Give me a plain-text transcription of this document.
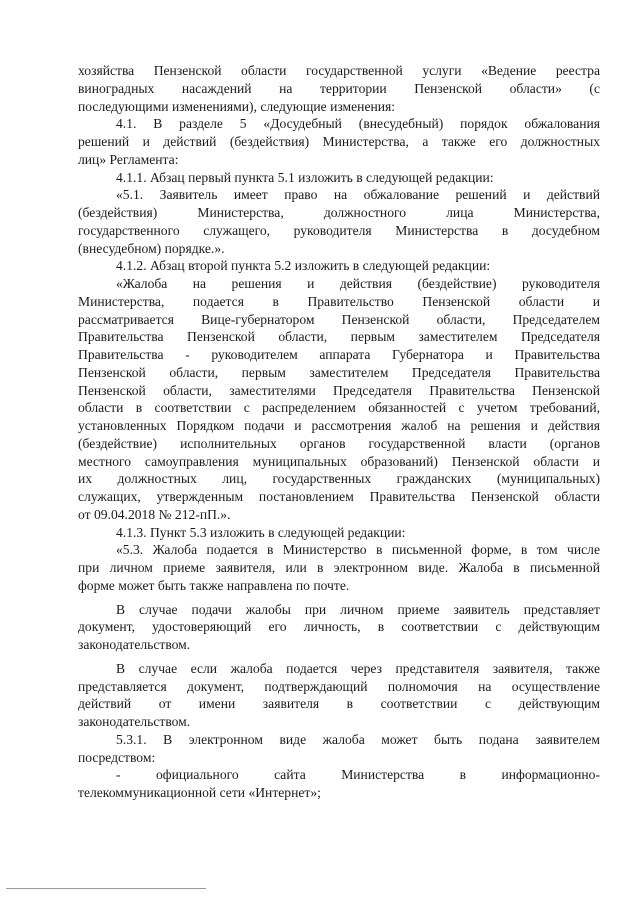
хозяйства Пензенской области государственной услуги «Ведение реестра
виноградных насаждений на территории Пензенской области» (с
последующими изменениями), следующие изменения:
4.1. В разделе 5 «Досудебный (внесудебный) порядок обжалования
решений и действий (бездействия) Министерства, а также его должностных
лиц» Регламента:
4.1.1. Абзац первый пункта 5.1 изложить в следующей редакции:
«5.1. Заявитель имеет право на обжалование решений и действий
(бездействия) Министерства, должностного лица Министерства,
государственного служащего, руководителя Министерства в досудебном
(внесудебном) порядке.».
4.1.2. Абзац второй пункта 5.2 изложить в следующей редакции:
«Жалоба на решения и действия (бездействие) руководителя
Министерства, подается в Правительство Пензенской области и
рассматривается Вице-губернатором Пензенской области, Председателем
Правительства Пензенской области, первым заместителем Председателя
Правительства - руководителем аппарата Губернатора и Правительства
Пензенской области, первым заместителем Председателя Правительства
Пензенской области, заместителями Председателя Правительства Пензенской
области в соответствии с распределением обязанностей с учетом требований,
установленных Порядком подачи и рассмотрения жалоб на решения и действия
(бездействие) исполнительных органов государственной власти (органов
местного самоуправления муниципальных образований) Пензенской области и
их должностных лиц, государственных гражданских (муниципальных)
служащих, утвержденным постановлением Правительства Пензенской области
от 09.04.2018 № 212-пП.».
4.1.3. Пункт 5.3 изложить в следующей редакции:
«5.3. Жалоба подается в Министерство в письменной форме, в том числе
при личном приеме заявителя, или в электронном виде. Жалоба в письменной
форме может быть также направлена по почте.
В случае подачи жалобы при личном приеме заявитель представляет
документ, удостоверяющий его личность, в соответствии с действующим
законодательством.
В случае если жалоба подается через представителя заявителя, также
представляется документ, подтверждающий полномочия на осуществление
действий от имени заявителя в соответствии с действующим
законодательством.
5.3.1. В электронном виде жалоба может быть подана заявителем
посредством:
- официального сайта Министерства в информационно-
телекоммуникационной сети «Интернет»;
